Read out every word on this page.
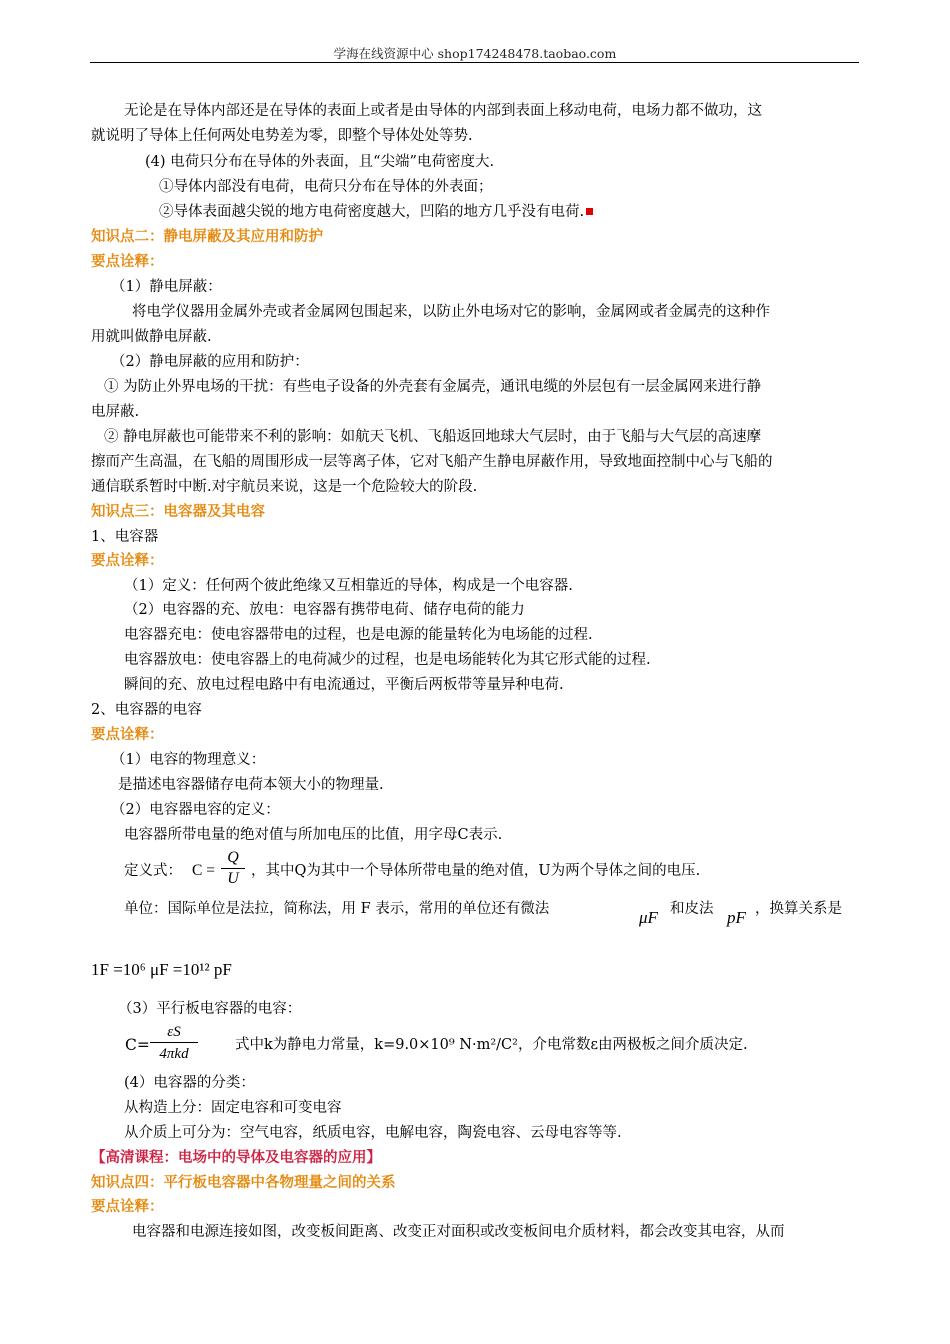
学海在线资源中心 shop174248478.taobao.com
无论是在导体内部还是在导体的表面上或者是由导体的内部到表面上移动电荷，电场力都不做功，这
就说明了导体上任何两处电势差为零，即整个导体处处等势.
(4) 电荷只分布在导体的外表面，且“尖端”电荷密度大.
①导体内部没有电荷，电荷只分布在导体的外表面；
②导体表面越尖锐的地方电荷密度越大，凹陷的地方几乎没有电荷.
知识点二：静电屏蔽及其应用和防护
要点诠释：
（1）静电屏蔽：
将电学仪器用金属外壳或者金属网包围起来，以防止外电场对它的影响，金属网或者金属壳的这种作
用就叫做静电屏蔽.
（2）静电屏蔽的应用和防护：
① 为防止外界电场的干扰：有些电子设备的外壳套有金属壳，通讯电缆的外层包有一层金属网来进行静
电屏蔽.
② 静电屏蔽也可能带来不利的影响：如航天飞机、飞船返回地球大气层时，由于飞船与大气层的高速摩
擦而产生高温，在飞船的周围形成一层等离子体，它对飞船产生静电屏蔽作用，导致地面控制中心与飞船的
通信联系暂时中断.对宇航员来说，这是一个危险较大的阶段.
知识点三：电容器及其电容
1、电容器
要点诠释：
（1）定义：任何两个彼此绝缘又互相靠近的导体，构成是一个电容器.
（2）电容器的充、放电：电容器有携带电荷、储存电荷的能力
电容器充电：使电容器带电的过程，也是电源的能量转化为电场能的过程.
电容器放电：使电容器上的电荷减少的过程，也是电场能转化为其它形式能的过程.
瞬间的充、放电过程电路中有电流通过，平衡后两板带等量异种电荷.
2、电容器的电容
要点诠释：
（1）电容的物理意义：
是描述电容器储存电荷本领大小的物理量.
（2）电容器电容的定义：
电容器所带电量的绝对值与所加电压的比值，用字母C表示.
定义式： $C = \frac{Q}{U}$ ，其中Q为其中一个导体所带电量的绝对值，U为两个导体之间的电压.
单位：国际单位是法拉，简称法，用 F 表示，常用的单位还有微法	μF 和皮法 pF ，换算关系是
1F =10⁶ μF =10¹² pF
（3）平行板电容器的电容：
C=
εS
4πkd
式中k为静电力常量，k=9.0×10⁹ N·m²/C²，介电常数ε由两极板之间介质决定.
(4）电容器的分类：
从构造上分：固定电容和可变电容
从介质上可分为：空气电容，纸质电容，电解电容，陶瓷电容、云母电容等等.
【高清课程：电场中的导体及电容器的应用】
知识点四：平行板电容器中各物理量之间的关系
要点诠释：
电容器和电源连接如图，改变板间距离、改变正对面积或改变板间电介质材料，都会改变其电容，从而
